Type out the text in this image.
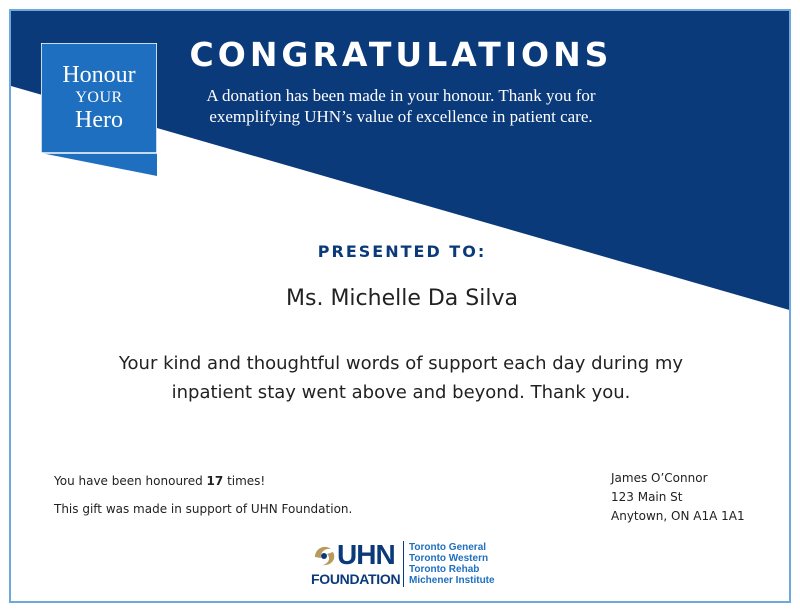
Honour
YOUR
Hero
CONGRATULATIONS
A donation has been made in your honour. Thank you for exemplifying UHN’s value of excellence in patient care.
PRESENTED TO:
Ms. Michelle Da Silva
Your kind and thoughtful words of support each day during my inpatient stay went above and beyond. Thank you.
You have been honoured 17 times!
This gift was made in support of UHN Foundation.
James O’Connor
123 Main St
Anytown, ON A1A 1A1
UHN
FOUNDATION
Toronto General
Toronto Western
Toronto Rehab
Michener Institute
